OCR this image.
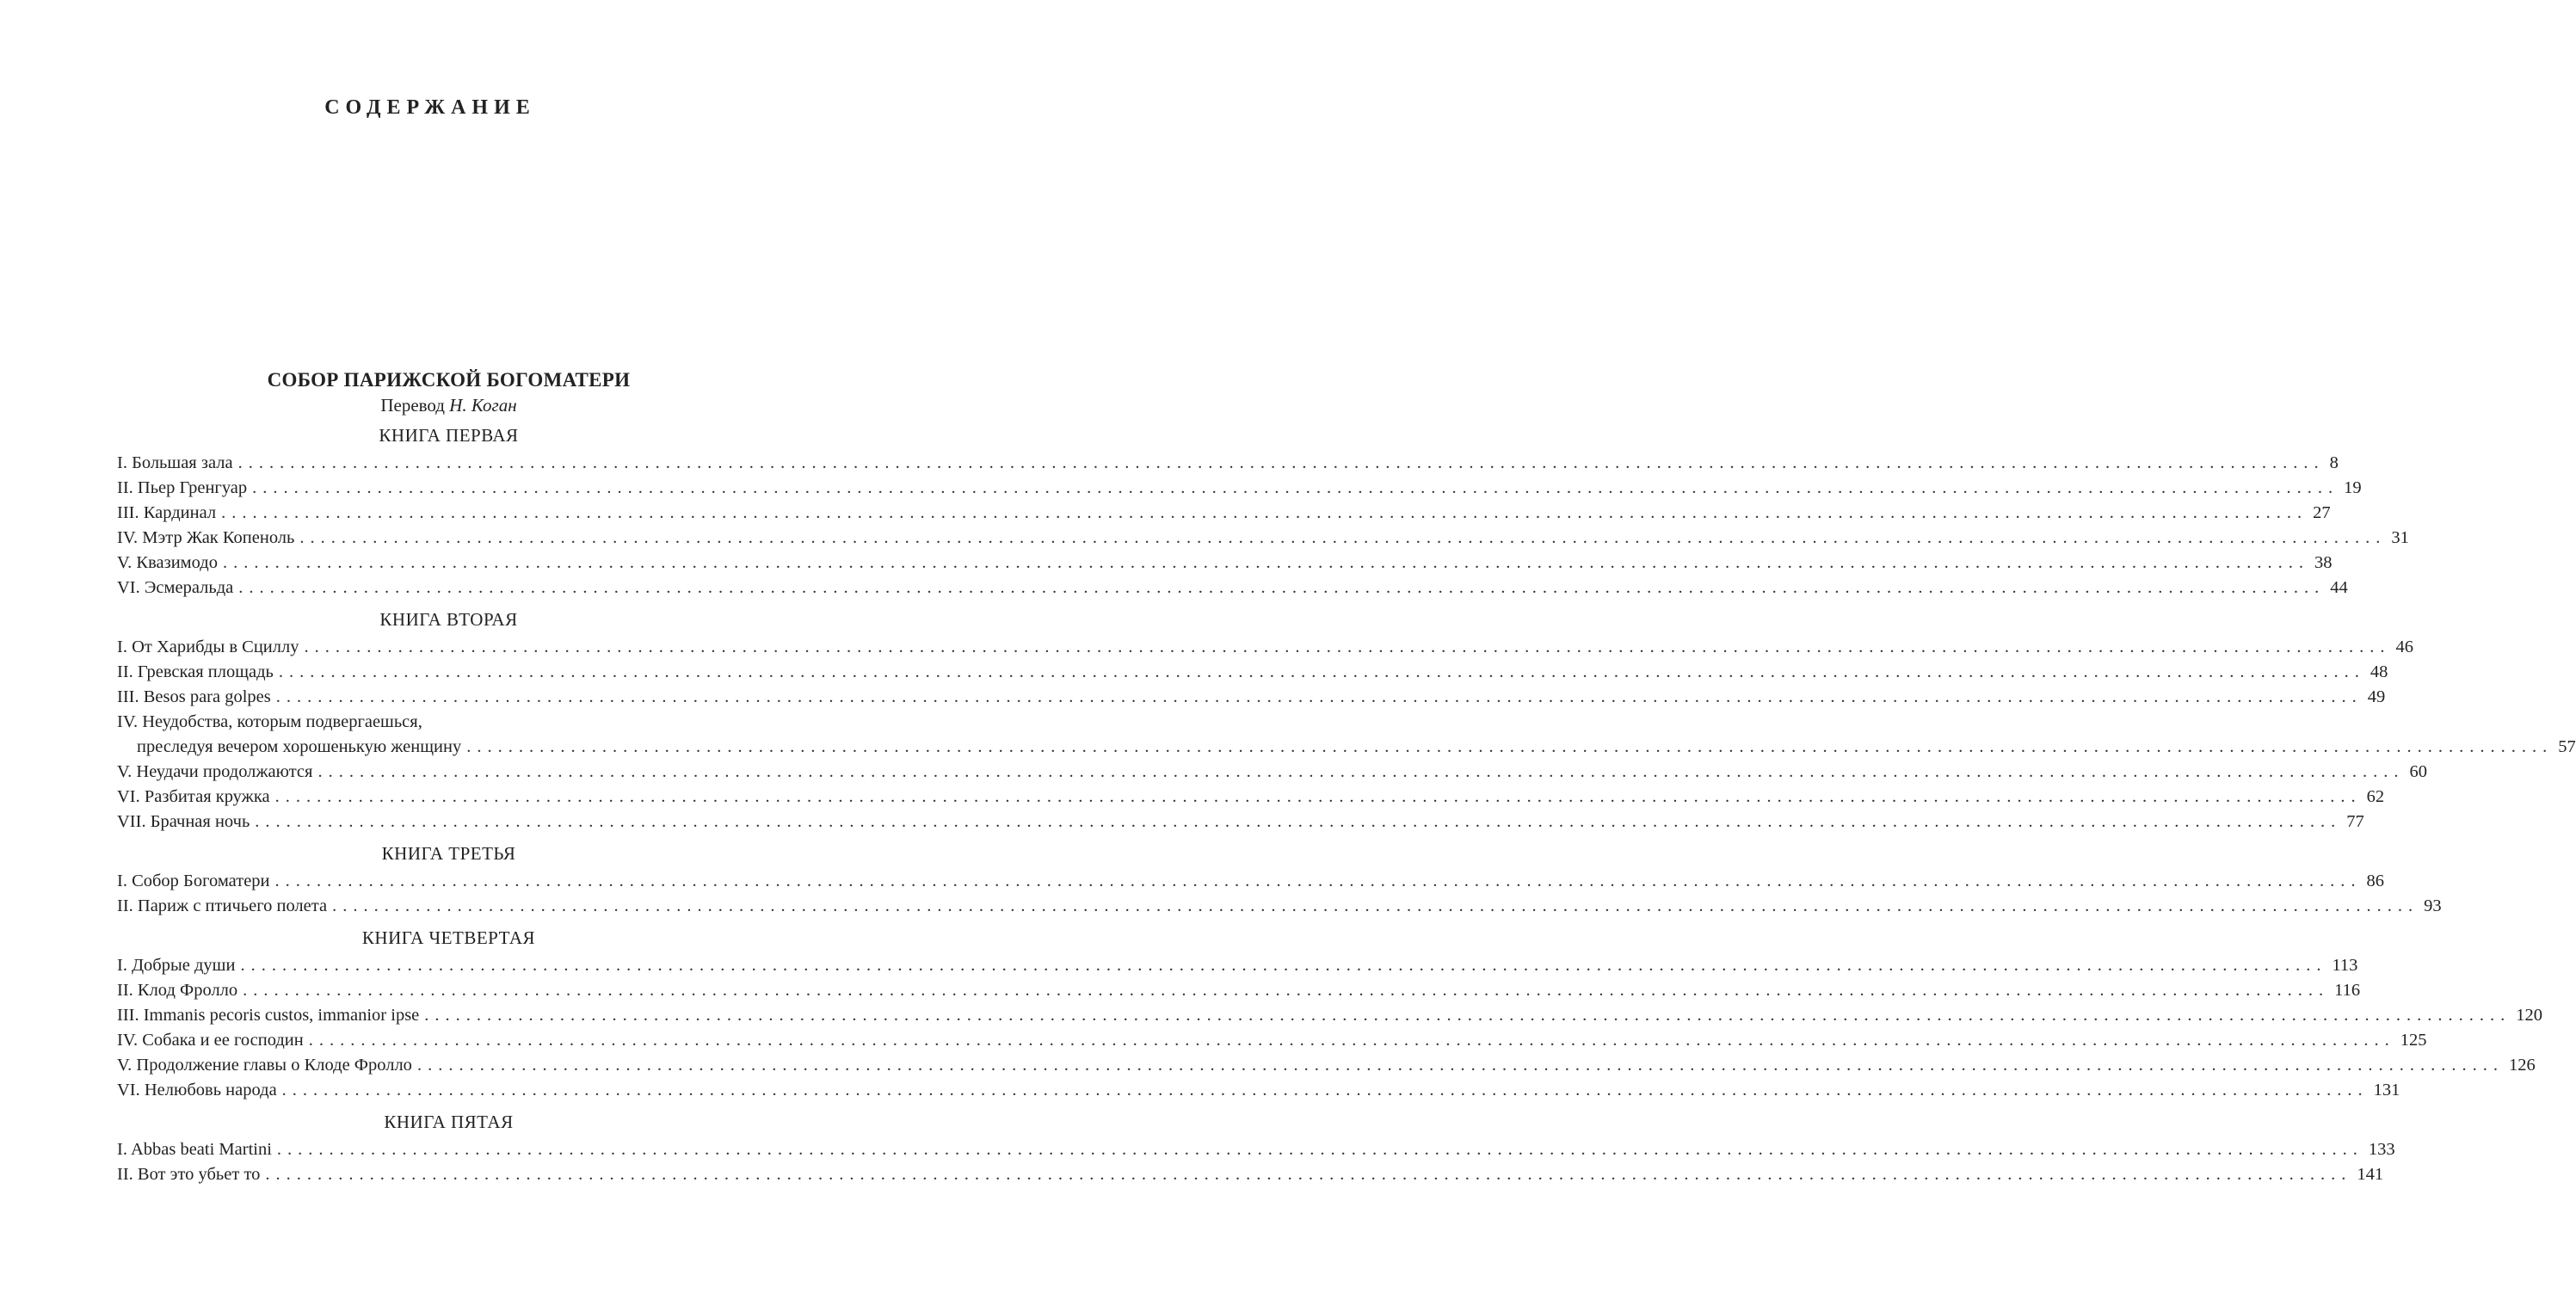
СОДЕРЖАНИЕ
СОБОР ПАРИЖСКОЙ БОГОМАТЕРИ
Перевод Н. Коган
КНИГА ПЕРВАЯ
I. Большая зала ........................................................................................................................................................................................................ 8
II. Пьер Гренгуар ........................................................................................................................................................................................................ 19
III. Кардинал ........................................................................................................................................................................................................ 27
IV. Мэтр Жак Копеноль ........................................................................................................................................................................................................ 31
V. Квазимодо ........................................................................................................................................................................................................ 38
VI. Эсмеральда ........................................................................................................................................................................................................ 44
КНИГА ВТОРАЯ
I. От Харибды в Сциллу ........................................................................................................................................................................................................ 46
II. Гревская площадь ........................................................................................................................................................................................................ 48
III. Besos para golpes ........................................................................................................................................................................................................ 49
IV. Неудобства, которым подвергаешься,
преследуя вечером хорошенькую женщину ........................................................................................................................................................................................................ 57
V. Неудачи продолжаются ........................................................................................................................................................................................................ 60
VI. Разбитая кружка ........................................................................................................................................................................................................ 62
VII. Брачная ночь ........................................................................................................................................................................................................ 77
КНИГА ТРЕТЬЯ
I. Собор Богоматери ........................................................................................................................................................................................................ 86
II. Париж с птичьего полета ........................................................................................................................................................................................................ 93
КНИГА ЧЕТВЕРТАЯ
I. Добрые души ........................................................................................................................................................................................................ 113
II. Клод Фролло ........................................................................................................................................................................................................ 116
III. Immanis pecoris custos, immanior ipse ........................................................................................................................................................................................................ 120
IV. Собака и ее господин ........................................................................................................................................................................................................ 125
V. Продолжение главы о Клоде Фролло ........................................................................................................................................................................................................ 126
VI. Нелюбовь народа ........................................................................................................................................................................................................ 131
КНИГА ПЯТАЯ
I. Abbas beati Martini ........................................................................................................................................................................................................ 133
II. Вот это убьет то ........................................................................................................................................................................................................ 141
